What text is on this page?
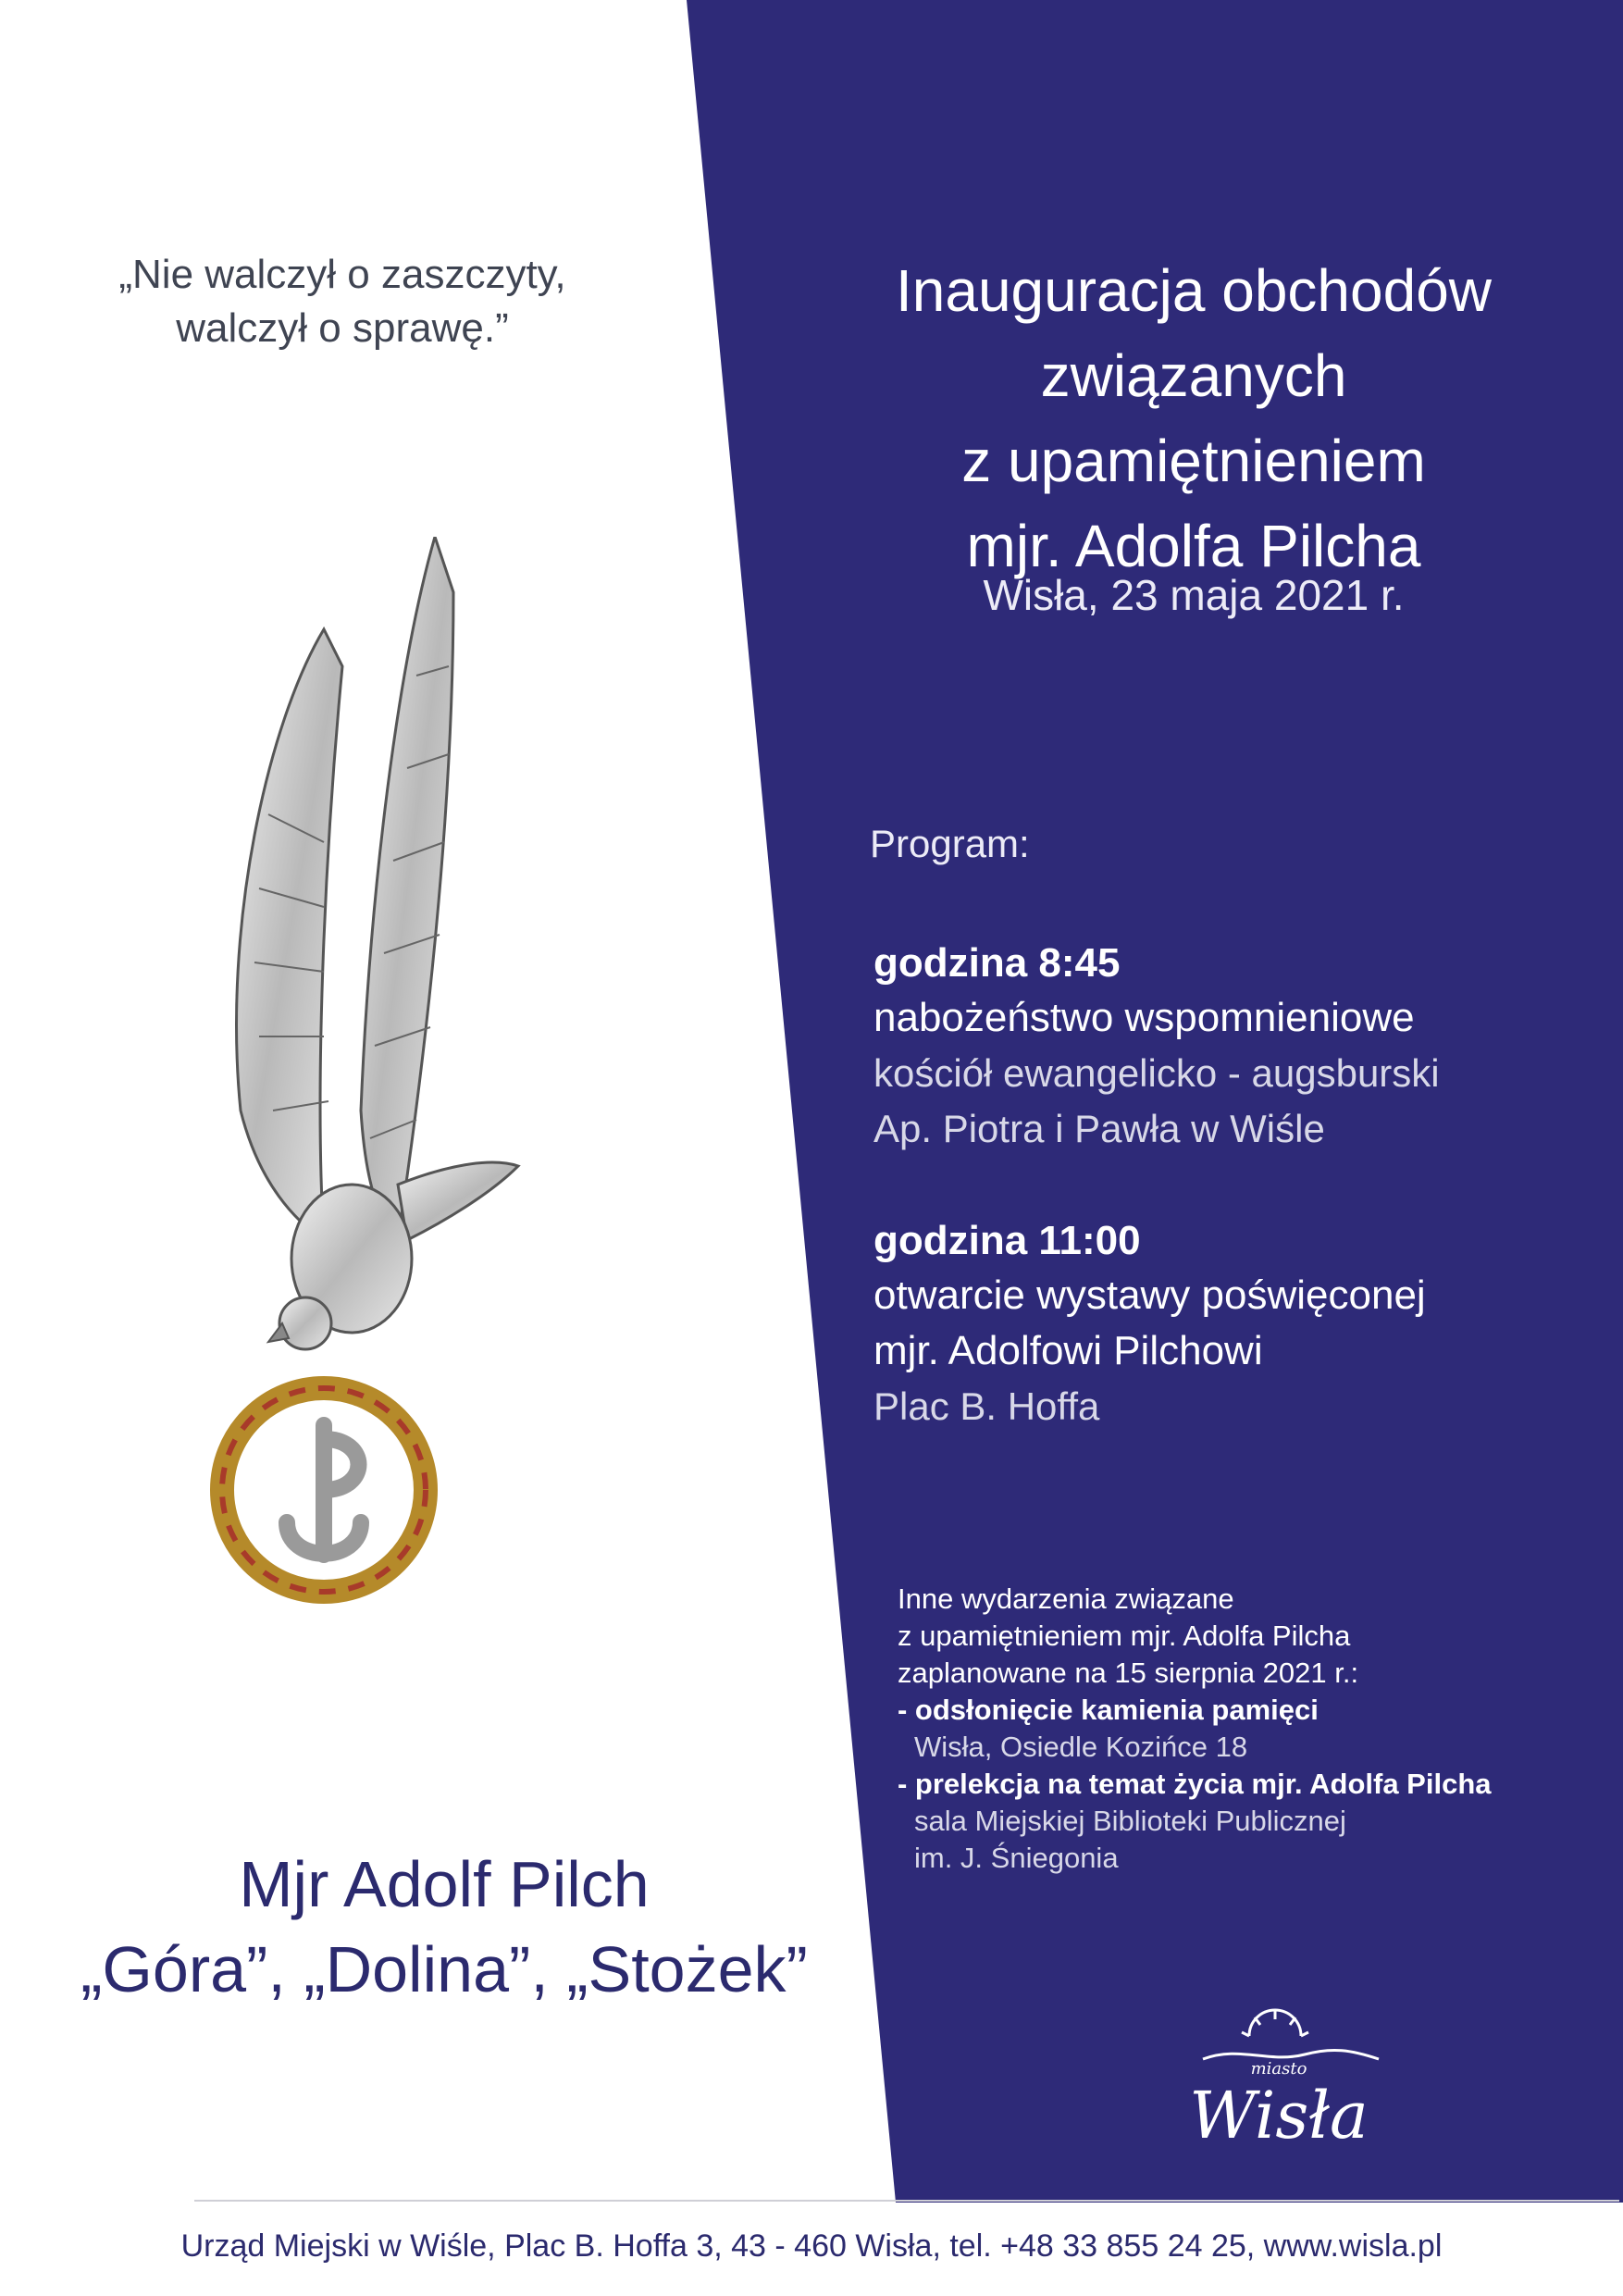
„Nie walczył o zaszczyty,
walczył o sprawę.”
Inauguracja obchodów
związanych
z upamiętnieniem
mjr. Adolfa Pilcha
Wisła, 23 maja 2021 r.
Program:
godzina 8:45
nabożeństwo wspomnieniowe
kościół ewangelicko - augsburski
Ap. Piotra i Pawła w Wiśle
godzina 11:00
otwarcie wystawy poświęconej
mjr. Adolfowi Pilchowi
Plac B. Hoffa
Inne wydarzenia związane
z upamiętnieniem mjr. Adolfa Pilcha
zaplanowane na 15 sierpnia 2021 r.:
- odsłonięcie kamienia pamięci
Wisła, Osiedle Kozińce 18
- prelekcja na temat życia mjr. Adolfa Pilcha
sala Miejskiej Biblioteki Publicznej
im. J. Śniegonia
Mjr Adolf Pilch
„Góra”, „Dolina”, „Stożek”
miasto
Wisła
Urząd Miejski w Wiśle, Plac B. Hoffa 3, 43 - 460 Wisła, tel. +48 33 855 24 25, www.wisla.pl
